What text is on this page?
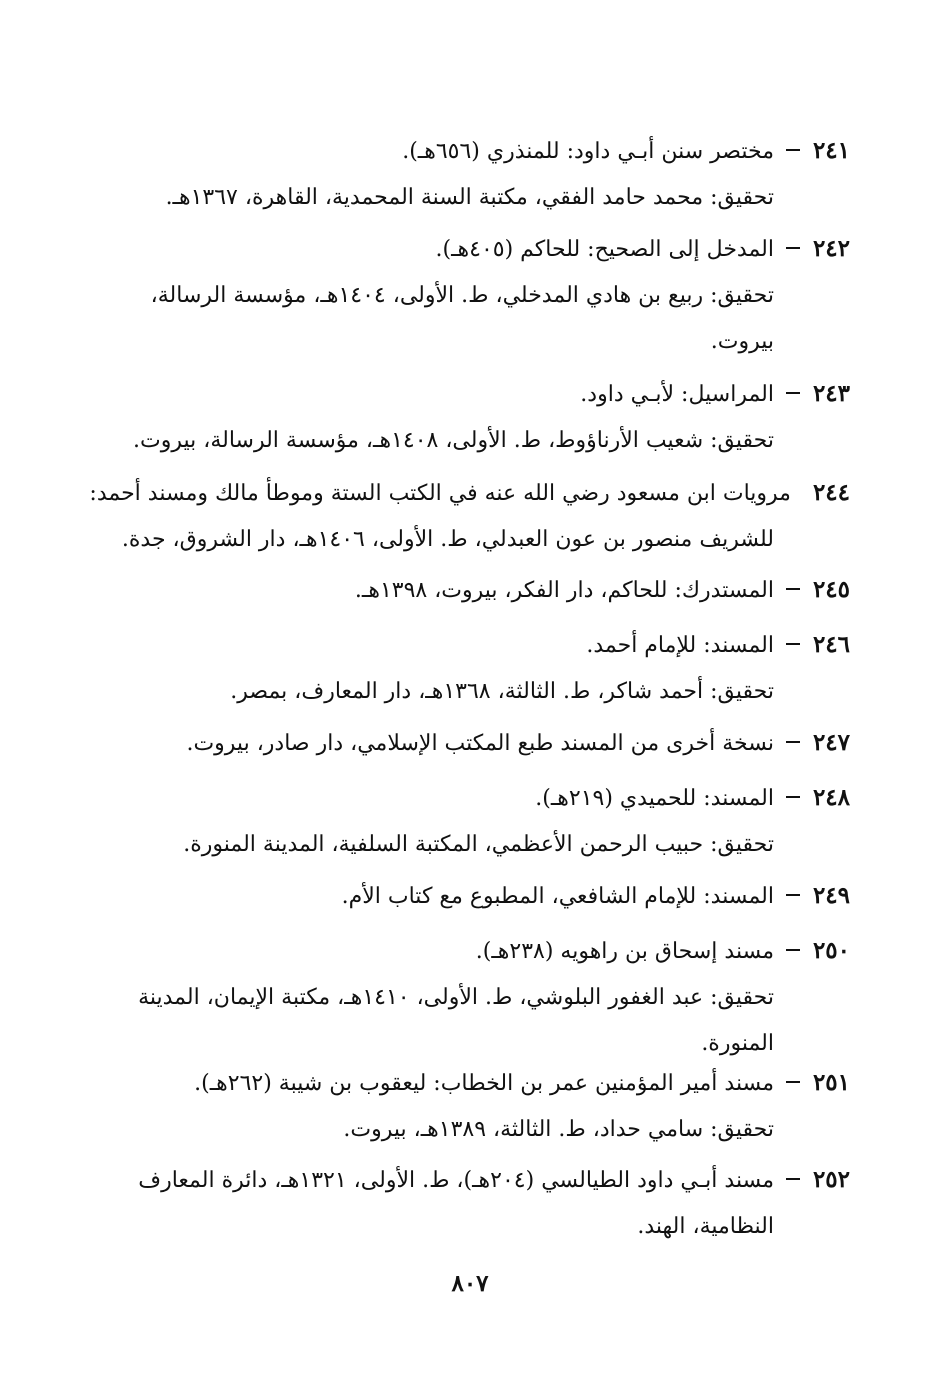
٢٤١
مختصر سنن أبـي داود: للمنذري (٦٥٦هـ).

تحقيق: محمد حامد الفقي، مكتبة السنة المحمدية، القاهرة، ١٣٦٧هـ.

٢٤٢
المدخل إلى الصحيح: للحاكم (٤٠٥هـ).

تحقيق: ربيع بن هادي المدخلي، ط. الأولى، ١٤٠٤هـ، مؤسسة الرسالة،

بيروت.

٢٤٣
المراسيل: لأبـي داود.

تحقيق: شعيب الأرناؤوط، ط. الأولى، ١٤٠٨هـ، مؤسسة الرسالة، بيروت.

٢٤٤
مرويات ابن مسعود رضي الله عنه في الكتب الستة وموطأ مالك ومسند أحمد:

للشريف منصور بن عون العبدلي، ط. الأولى، ١٤٠٦هـ، دار الشروق، جدة.

٢٤٥
المستدرك: للحاكم، دار الفكر، بيروت، ١٣٩٨هـ.
٢٤٦
المسند: للإمام أحمد.

تحقيق: أحمد شاكر، ط. الثالثة، ١٣٦٨هـ، دار المعارف، بمصر.

٢٤٧
نسخة أخرى من المسند طبع المكتب الإسلامي، دار صادر، بيروت.
٢٤٨
المسند: للحميدي (٢١٩هـ).

تحقيق: حبيب الرحمن الأعظمي، المكتبة السلفية، المدينة المنورة.

٢٤٩
المسند: للإمام الشافعي، المطبوع مع كتاب الأم.
٢٥٠
مسند إسحاق بن راهويه (٢٣٨هـ).

تحقيق: عبد الغفور البلوشي، ط. الأولى، ١٤١٠هـ، مكتبة الإيمان، المدينة

المنورة.

٢٥١
مسند أمير المؤمنين عمر بن الخطاب: ليعقوب بن شيبة (٢٦٢هـ).

تحقيق: سامي حداد، ط. الثالثة، ١٣٨٩هـ، بيروت.

٢٥٢
مسند أبـي داود الطيالسي (٢٠٤هـ)، ط. الأولى، ١٣٢١هـ، دائرة المعارف

النظامية، الهند.

٨٠٧
